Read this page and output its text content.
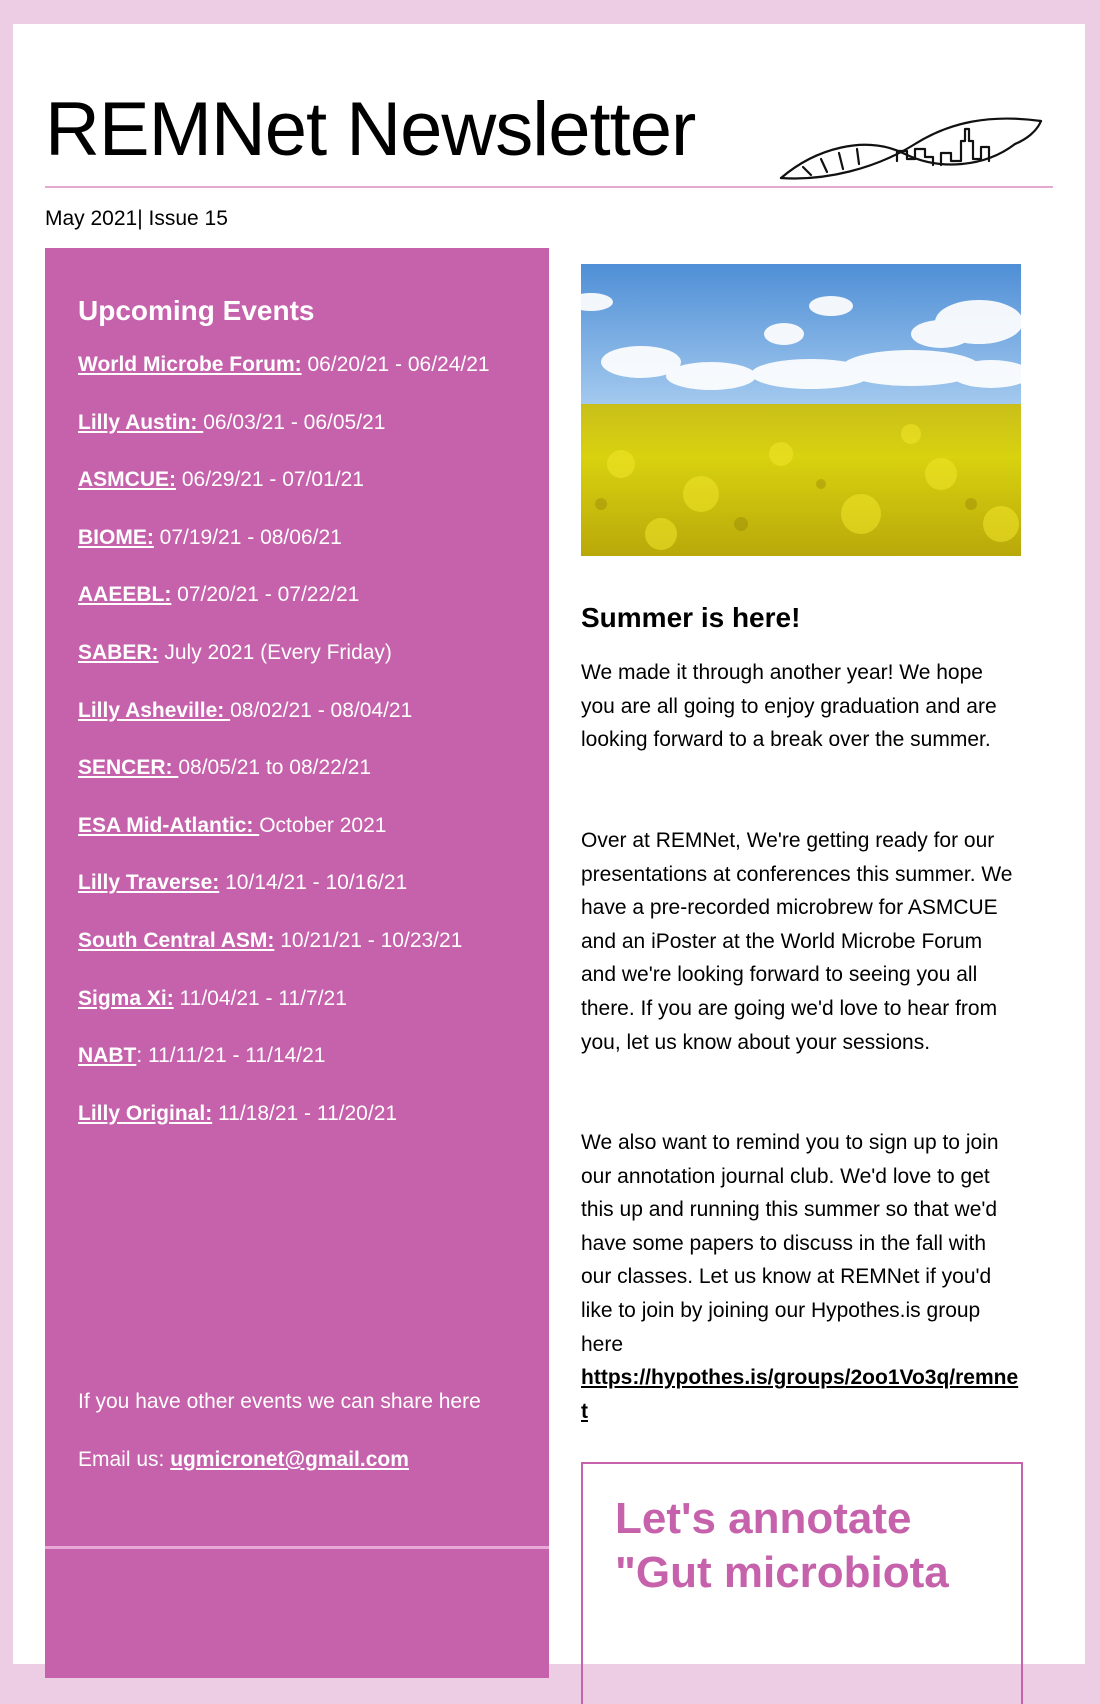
REMNet Newsletter
May 2021| Issue 15
Upcoming Events
World Microbe Forum: 06/20/21 - 06/24/21
Lilly Austin: 06/03/21 - 06/05/21
ASMCUE: 06/29/21 - 07/01/21
BIOME: 07/19/21 - 08/06/21
AAEEBL: 07/20/21 - 07/22/21
SABER: July 2021 (Every Friday)
Lilly Asheville: 08/02/21 - 08/04/21
SENCER: 08/05/21 to 08/22/21
ESA Mid-Atlantic: October 2021
Lilly Traverse: 10/14/21 - 10/16/21
South Central ASM: 10/21/21 - 10/23/21
Sigma Xi: 11/04/21 - 11/7/21
NABT: 11/11/21 - 11/14/21
Lilly Original: 11/18/21 - 11/20/21
If you have other events we can share here
Email us: ugmicronet@gmail.com
Summer is here!

We made it through another year! We hope you are all going to enjoy graduation and are looking forward to a break over the summer.

Over at REMNet, We're getting ready for our presentations at conferences this summer. We have a pre-recorded microbrew for ASMCUE and an iPoster at the World Microbe Forum and we're looking forward to seeing you all there. If you are going we'd love to hear from you, let us know about your sessions.

We also want to remind you to sign up to join our annotation journal club. We'd love to get this up and running this summer so that we'd have some papers to discuss in the fall with our classes. Let us know at REMNet if you'd like to join by joining our Hypothes.is group here
https://hypothes.is/groups/2oo1Vo3q/remnet
Let's annotate "Gut microbiota
